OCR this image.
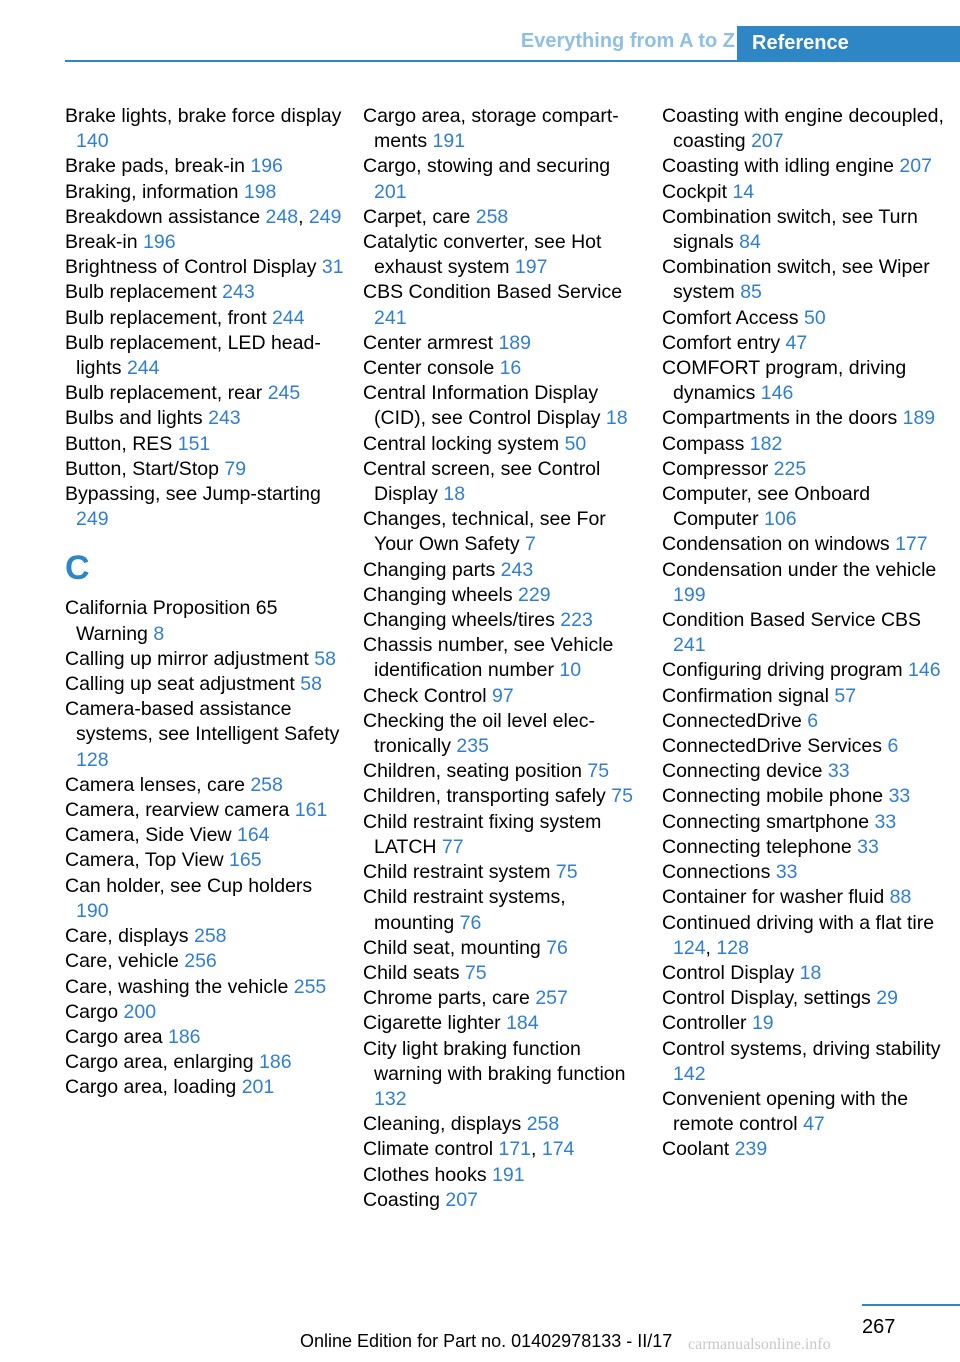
Everything from A to Z Reference
Brake lights, brake force display 140
Brake pads, break-in 196
Braking, information 198
Breakdown assistance 248, 249
Break-in 196
Brightness of Control Display 31
Bulb replacement 243
Bulb replacement, front 244
Bulb replacement, LED headlights 244
Bulb replacement, rear 245
Bulbs and lights 243
Button, RES 151
Button, Start/Stop 79
Bypassing, see Jump-starting 249
C
California Proposition 65 Warning 8
Calling up mirror adjustment 58
Calling up seat adjustment 58
Camera-based assistance systems, see Intelligent Safety 128
Camera lenses, care 258
Camera, rearview camera 161
Camera, Side View 164
Camera, Top View 165
Can holder, see Cup holders 190
Care, displays 258
Care, vehicle 256
Care, washing the vehicle 255
Cargo 200
Cargo area 186
Cargo area, enlarging 186
Cargo area, loading 201
Cargo area, storage compartments 191
Cargo, stowing and securing 201
Carpet, care 258
Catalytic converter, see Hot exhaust system 197
CBS Condition Based Service 241
Center armrest 189
Center console 16
Central Information Display (CID), see Control Display 18
Central locking system 50
Central screen, see Control Display 18
Changes, technical, see For Your Own Safety 7
Changing parts 243
Changing wheels 229
Changing wheels/tires 223
Chassis number, see Vehicle identification number 10
Check Control 97
Checking the oil level electronically 235
Children, seating position 75
Children, transporting safely 75
Child restraint fixing system LATCH 77
Child restraint system 75
Child restraint systems, mounting 76
Child seat, mounting 76
Child seats 75
Chrome parts, care 257
Cigarette lighter 184
City light braking function warning with braking function 132
Cleaning, displays 258
Climate control 171, 174
Clothes hooks 191
Coasting 207
Coasting with engine decoupled, coasting 207
Coasting with idling engine 207
Cockpit 14
Combination switch, see Turn signals 84
Combination switch, see Wiper system 85
Comfort Access 50
Comfort entry 47
COMFORT program, driving dynamics 146
Compartments in the doors 189
Compass 182
Compressor 225
Computer, see Onboard Computer 106
Condensation on windows 177
Condensation under the vehicle 199
Condition Based Service CBS 241
Configuring driving program 146
Confirmation signal 57
ConnectedDrive 6
ConnectedDrive Services 6
Connecting device 33
Connecting mobile phone 33
Connecting smartphone 33
Connecting telephone 33
Connections 33
Container for washer fluid 88
Continued driving with a flat tire 124, 128
Control Display 18
Control Display, settings 29
Controller 19
Control systems, driving stability 142
Convenient opening with the remote control 47
Coolant 239
267
Online Edition for Part no. 01402978133 - II/17 carmanualsonline.info
